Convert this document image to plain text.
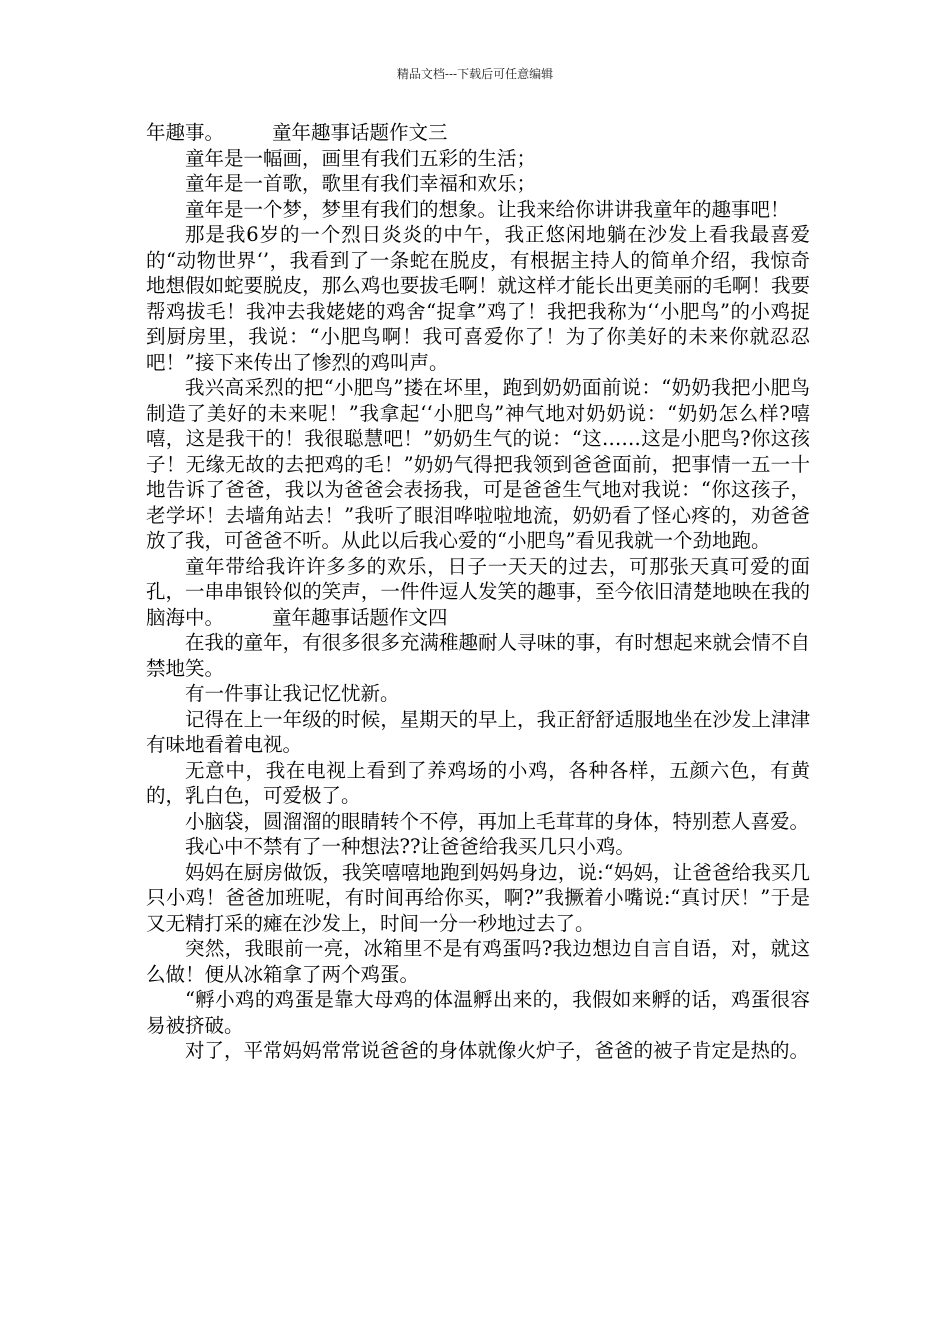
精品文档---下载后可任意编辑

年趣事。 童年趣事话题作文三

童年是一幅画，画里有我们五彩的生活；

童年是一首歌，歌里有我们幸福和欢乐；

童年是一个梦，梦里有我们的想象。让我来给你讲讲我童年的趣事吧！

那是我6岁的一个烈日炎炎的中午，我正悠闲地躺在沙发上看我最喜爱的“动物世界‘’，我看到了一条蛇在脱皮，有根据主持人的简单介绍，我惊奇地想假如蛇要脱皮，那么鸡也要拔毛啊！就这样才能长出更美丽的毛啊！我要帮鸡拔毛！我冲去我姥姥的鸡舍“捉拿”鸡了！我把我称为‘‘小肥鸟”的小鸡捉到厨房里，我说：“小肥鸟啊！我可喜爱你了！为了你美好的未来你就忍忍吧！”接下来传出了惨烈的鸡叫声。

我兴高采烈的把“小肥鸟”搂在坏里，跑到奶奶面前说：“奶奶我把小肥鸟制造了美好的未来呢！”我拿起‘‘小肥鸟”神气地对奶奶说：“奶奶怎么样?嘻嘻，这是我干的！我很聪慧吧！”奶奶生气的说：“这……这是小肥鸟?你这孩子！无缘无故的去把鸡的毛！”奶奶气得把我领到爸爸面前，把事情一五一十地告诉了爸爸，我以为爸爸会表扬我，可是爸爸生气地对我说：“你这孩子，老学坏！去墙角站去！”我听了眼泪哗啦啦地流，奶奶看了怪心疼的，劝爸爸放了我，可爸爸不听。从此以后我心爱的“小肥鸟”看见我就一个劲地跑。

童年带给我许许多多的欢乐，日子一天天的过去，可那张天真可爱的面孔，一串串银铃似的笑声，一件件逗人发笑的趣事，至今依旧清楚地映在我的脑海中。 童年趣事话题作文四

在我的童年，有很多很多充满稚趣耐人寻味的事，有时想起来就会情不自禁地笑。

有一件事让我记忆忧新。

记得在上一年级的时候，星期天的早上，我正舒舒适服地坐在沙发上津津有味地看着电视。

无意中，我在电视上看到了养鸡场的小鸡，各种各样，五颜六色，有黄的，乳白色，可爱极了。

小脑袋，圆溜溜的眼睛转个不停，再加上毛茸茸的身体，特别惹人喜爱。

我心中不禁有了一种想法??让爸爸给我买几只小鸡。

妈妈在厨房做饭，我笑嘻嘻地跑到妈妈身边，说:“妈妈，让爸爸给我买几只小鸡！爸爸加班呢，有时间再给你买，啊?”我撅着小嘴说:“真讨厌！”于是又无精打采的瘫在沙发上，时间一分一秒地过去了。

突然，我眼前一亮，冰箱里不是有鸡蛋吗?我边想边自言自语，对，就这么做！便从冰箱拿了两个鸡蛋。

“孵小鸡的鸡蛋是靠大母鸡的体温孵出来的，我假如来孵的话，鸡蛋很容易被挤破。

对了，平常妈妈常常说爸爸的身体就像火炉子，爸爸的被子肯定是热的。
